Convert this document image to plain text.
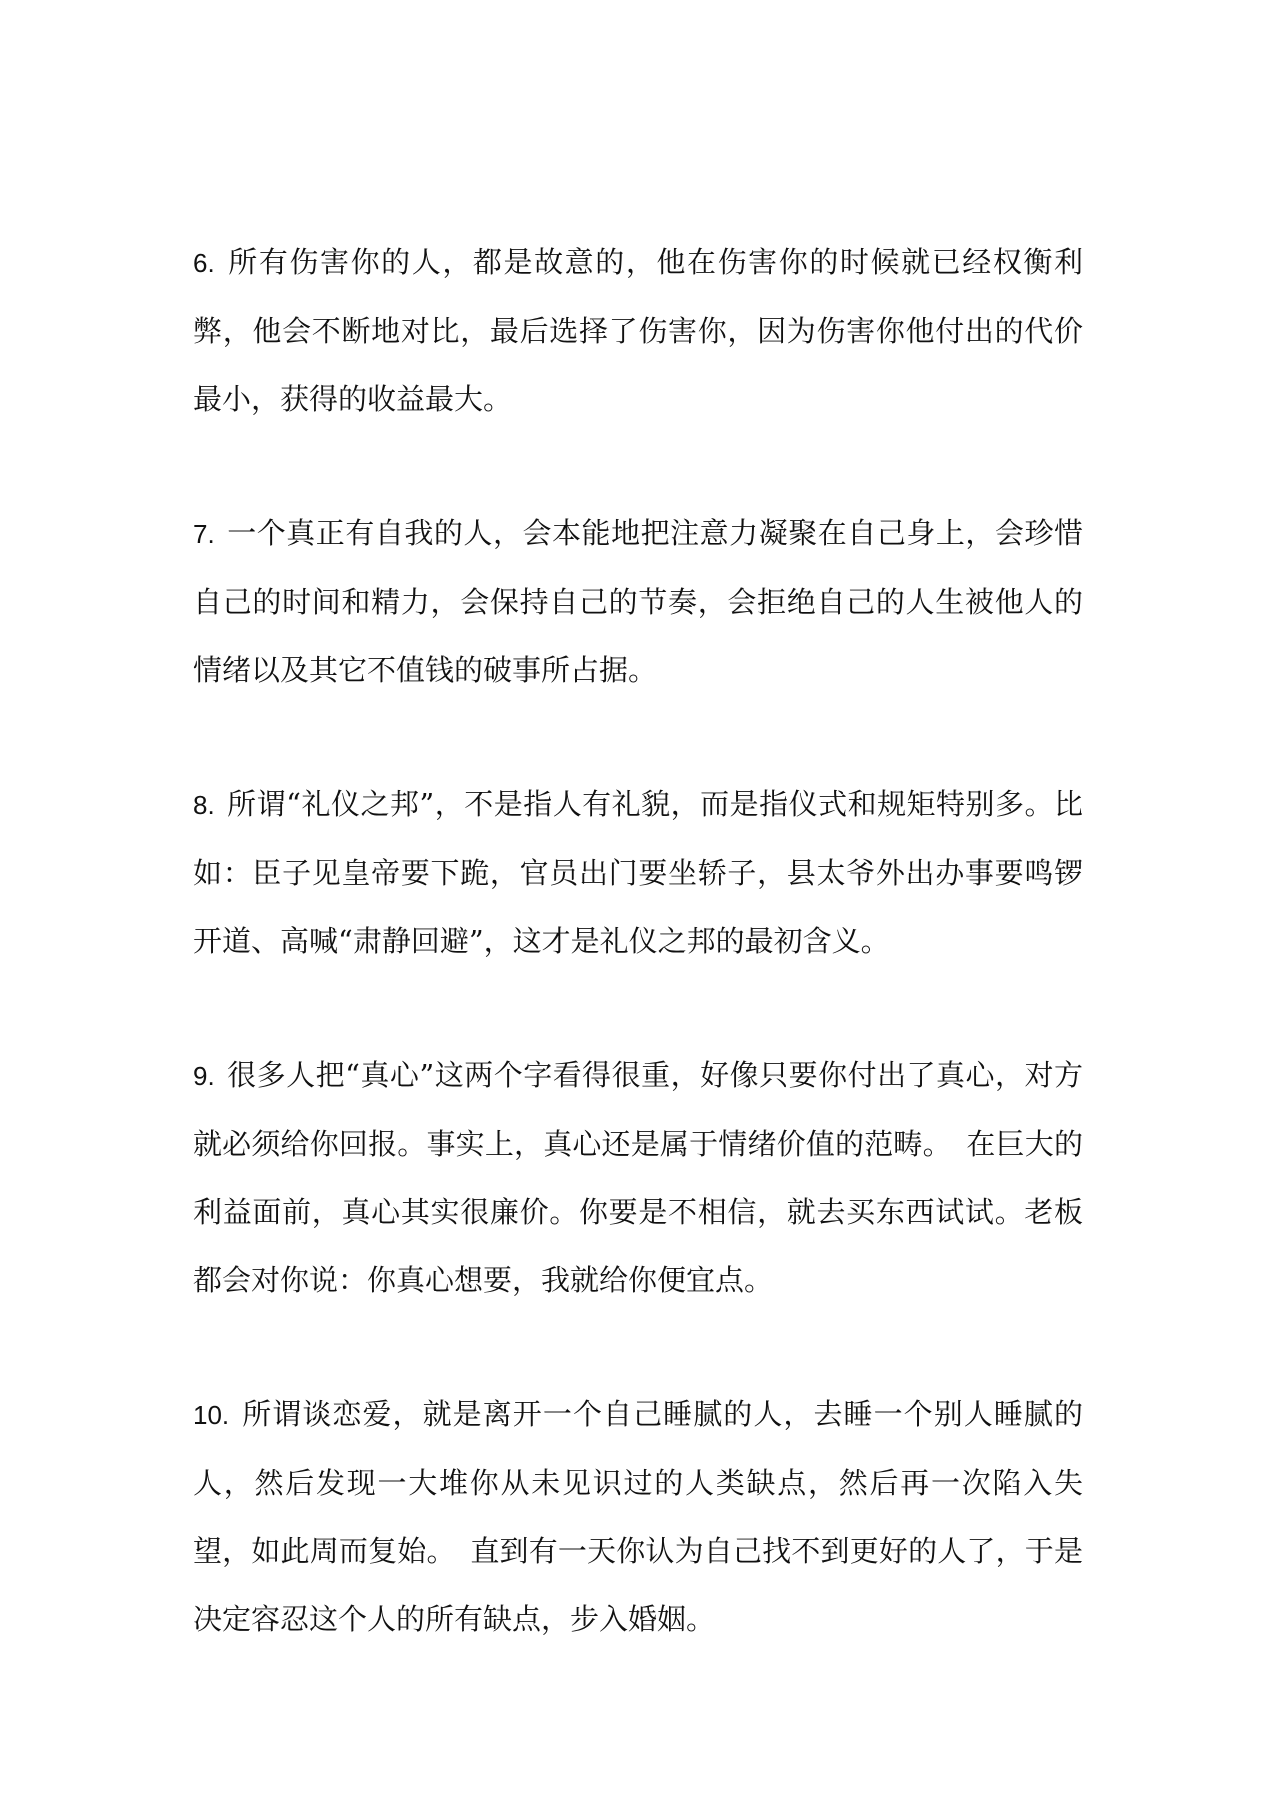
6. 所有伤害你的人，都是故意的，他在伤害你的时候就已经权衡利弊，他会不断地对比，最后选择了伤害你，因为伤害你他付出的代价最小，获得的收益最大。

7. 一个真正有自我的人，会本能地把注意力凝聚在自己身上，会珍惜自己的时间和精力，会保持自己的节奏，会拒绝自己的人生被他人的情绪以及其它不值钱的破事所占据。

8. 所谓“礼仪之邦”，不是指人有礼貌，而是指仪式和规矩特别多。比如：臣子见皇帝要下跪，官员出门要坐轿子，县太爷外出办事要鸣锣开道、高喊“肃静回避”，这才是礼仪之邦的最初含义。

9. 很多人把“真心”这两个字看得很重，好像只要你付出了真心，对方就必须给你回报。事实上，真心还是属于情绪价值的范畴。　在巨大的利益面前，真心其实很廉价。你要是不相信，就去买东西试试。老板都会对你说：你真心想要，我就给你便宜点。

10. 所谓谈恋爱，就是离开一个自己睡腻的人，去睡一个别人睡腻的人，然后发现一大堆你从未见识过的人类缺点，然后再一次陷入失望，如此周而复始。　直到有一天你认为自己找不到更好的人了，于是决定容忍这个人的所有缺点，步入婚姻。
